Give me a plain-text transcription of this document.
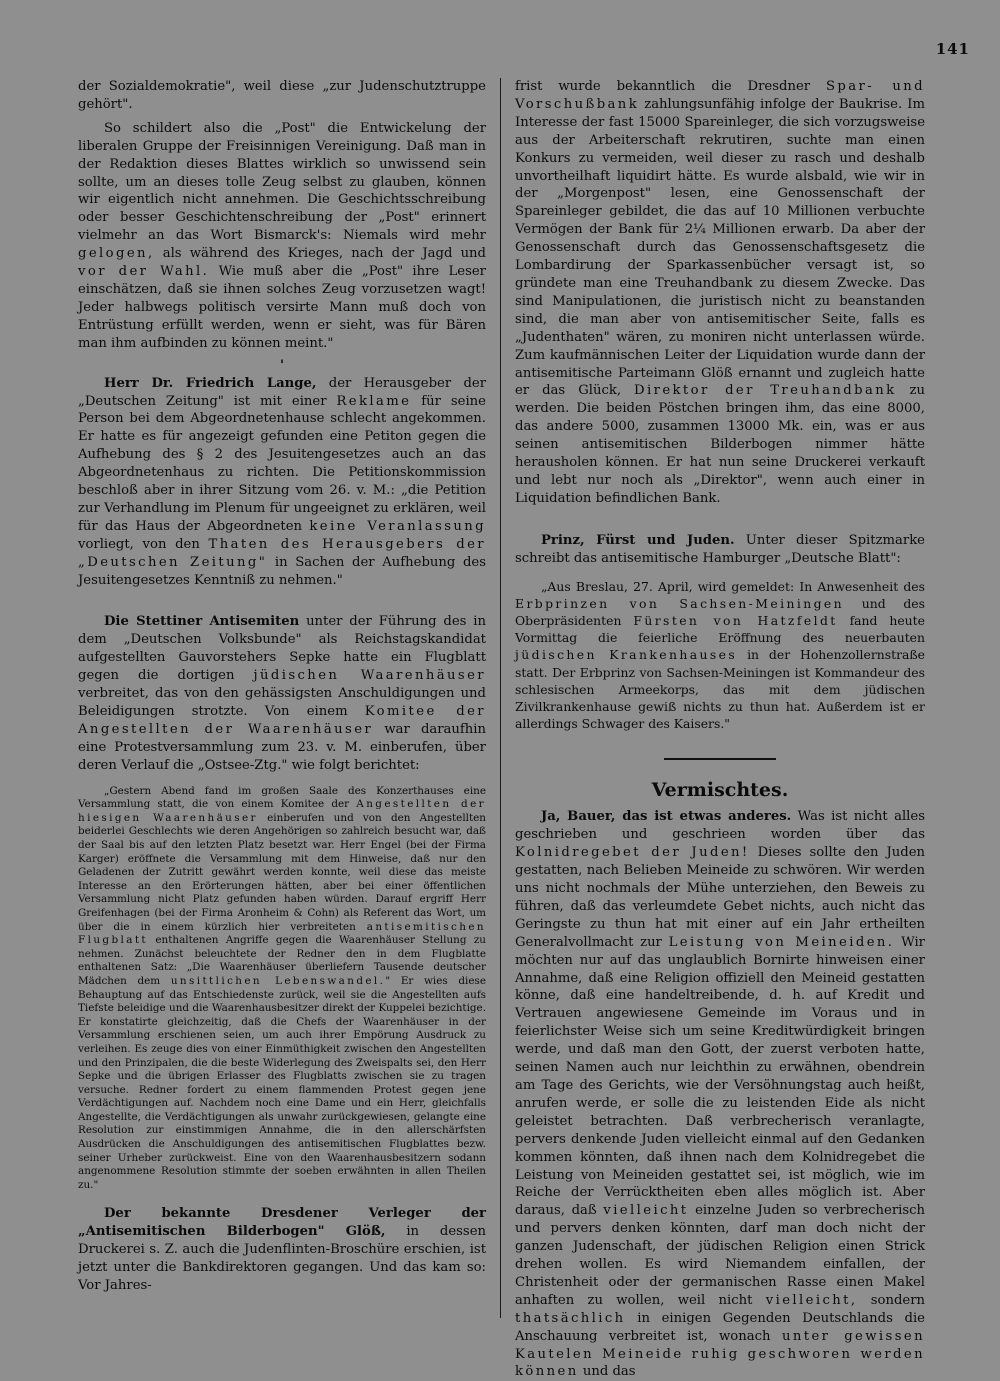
141

der Sozialdemokratie", weil diese „zur Judenschutztruppe gehört".

So schildert also die „Post" die Entwickelung der liberalen Gruppe der Freisinnigen Vereinigung. Daß man in der Redaktion dieses Blattes wirklich so unwissend sein sollte, um an dieses tolle Zeug selbst zu glauben, können wir eigentlich nicht annehmen. Die Geschichtsschreibung oder besser Geschichtenschreibung der „Post" erinnert vielmehr an das Wort Bismarck's: Niemals wird mehr gelogen, als während des Krieges, nach der Jagd und vor der Wahl. Wie muß aber die „Post" ihre Leser einschätzen, daß sie ihnen solches Zeug vorzusetzen wagt! Jeder halbwegs politisch versirte Mann muß doch von Entrüstung erfüllt werden, wenn er sieht, was für Bären man ihm aufbinden zu können meint."

'

Herr Dr. Friedrich Lange, der Herausgeber der „Deutschen Zeitung" ist mit einer Reklame für seine Person bei dem Abgeordnetenhause schlecht angekommen. Er hatte es für angezeigt gefunden eine Petiton gegen die Aufhebung des § 2 des Jesuitengesetzes auch an das Abgeordnetenhaus zu richten. Die Petitionskommission beschloß aber in ihrer Sitzung vom 26. v. M.: „die Petition zur Verhandlung im Plenum für ungeeignet zu erklären, weil für das Haus der Abgeordneten keine Veranlassung vorliegt, von den Thaten des Herausgebers der „Deutschen Zeitung" in Sachen der Aufhebung des Jesuitengesetzes Kenntniß zu nehmen."

Die Stettiner Antisemiten unter der Führung des in dem „Deutschen Volksbunde" als Reichstagskandidat aufgestellten Gauvorstehers Sepke hatte ein Flugblatt gegen die dortigen jüdischen Waarenhäuser verbreitet, das von den gehässigsten Anschuldigungen und Beleidigungen strotzte. Von einem Komitee der Angestellten der Waarenhäuser war daraufhin eine Protestversammlung zum 23. v. M. einberufen, über deren Verlauf die „Ostsee-Ztg." wie folgt berichtet:

„Gestern Abend fand im großen Saale des Konzerthauses eine Versammlung statt, die von einem Komitee der Angestellten der hiesigen Waarenhäuser einberufen und von den Angestellten beiderlei Geschlechts wie deren Angehörigen so zahlreich besucht war, daß der Saal bis auf den letzten Platz besetzt war. Herr Engel (bei der Firma Karger) eröffnete die Versammlung mit dem Hinweise, daß nur den Geladenen der Zutritt gewährt werden konnte, weil diese das meiste Interesse an den Erörterungen hätten, aber bei einer öffentlichen Versammlung nicht Platz gefunden haben würden. Darauf ergriff Herr Greifenhagen (bei der Firma Aronheim & Cohn) als Referent das Wort, um über die in einem kürzlich hier verbreiteten antisemitischen Flugblatt enthaltenen Angriffe gegen die Waarenhäuser Stellung zu nehmen. Zunächst beleuchtete der Redner den in dem Flugblatte enthaltenen Satz: „Die Waarenhäuser überliefern Tausende deutscher Mädchen dem unsittlichen Lebenswandel." Er wies diese Behauptung auf das Entschiedenste zurück, weil sie die Angestellten aufs Tiefste beleidige und die Waarenhausbesitzer direkt der Kuppelei bezichtige. Er konstatirte gleichzeitig, daß die Chefs der Waarenhäuser in der Versammlung erschienen seien, um auch ihrer Empörung Ausdruck zu verleihen. Es zeuge dies von einer Einmüthigkeit zwischen den Angestellten und den Prinzipalen, die die beste Widerlegung des Zweispalts sei, den Herr Sepke und die übrigen Erlasser des Flugblatts zwischen sie zu tragen versuche. Redner fordert zu einem flammenden Protest gegen jene Verdächtigungen auf. Nachdem noch eine Dame und ein Herr, gleichfalls Angestellte, die Verdächtigungen als unwahr zurückgewiesen, gelangte eine Resolution zur einstimmigen Annahme, die in den allerschärfsten Ausdrücken die Anschuldigungen des antisemitischen Flugblattes bezw. seiner Urheber zurückweist. Eine von den Waarenhausbesitzern sodann angenommene Resolution stimmte der soeben erwähnten in allen Theilen zu."

Der bekannte Dresdener Verleger der „Antisemitischen Bilderbogen" Glöß, in dessen Druckerei s. Z. auch die Judenflinten-Broschüre erschien, ist jetzt unter die Bankdirektoren gegangen. Und das kam so: Vor Jahres-

frist wurde bekanntlich die Dresdner Spar- und Vorschußbank zahlungsunfähig infolge der Baukrise. Im Interesse der fast 15000 Spareinleger, die sich vorzugsweise aus der Arbeiterschaft rekrutiren, suchte man einen Konkurs zu vermeiden, weil dieser zu rasch und deshalb unvortheilhaft liquidirt hätte. Es wurde alsbald, wie wir in der „Morgenpost" lesen, eine Genossenschaft der Spareinleger gebildet, die das auf 10 Millionen verbuchte Vermögen der Bank für 2¼ Millionen erwarb. Da aber der Genossenschaft durch das Genossenschaftsgesetz die Lombardirung der Sparkassenbücher versagt ist, so gründete man eine Treuhandbank zu diesem Zwecke. Das sind Manipulationen, die juristisch nicht zu beanstanden sind, die man aber von antisemitischer Seite, falls es „Judenthaten" wären, zu moniren nicht unterlassen würde. Zum kaufmännischen Leiter der Liquidation wurde dann der antisemitische Parteimann Glöß ernannt und zugleich hatte er das Glück, Direktor der Treuhandbank zu werden. Die beiden Pöstchen bringen ihm, das eine 8000, das andere 5000, zusammen 13000 Mk. ein, was er aus seinen antisemitischen Bilderbogen nimmer hätte herausholen können. Er hat nun seine Druckerei verkauft und lebt nur noch als „Direktor", wenn auch einer in Liquidation befindlichen Bank.

Prinz, Fürst und Juden. Unter dieser Spitzmarke schreibt das antisemitische Hamburger „Deutsche Blatt":

„Aus Breslau, 27. April, wird gemeldet: In Anwesenheit des Erbprinzen von Sachsen-Meiningen und des Oberpräsidenten Fürsten von Hatzfeldt fand heute Vormittag die feierliche Eröffnung des neuerbauten jüdischen Krankenhauses in der Hohenzollernstraße statt. Der Erbprinz von Sachsen-Meiningen ist Kommandeur des schlesischen Armeekorps, das mit dem jüdischen Zivilkrankenhause gewiß nichts zu thun hat. Außerdem ist er allerdings Schwager des Kaisers."

Vermischtes.

Ja, Bauer, das ist etwas anderes. Was ist nicht alles geschrieben und geschrieen worden über das Kolnidregebet der Juden! Dieses sollte den Juden gestatten, nach Belieben Meineide zu schwören. Wir werden uns nicht nochmals der Mühe unterziehen, den Beweis zu führen, daß das verleumdete Gebet nichts, auch nicht das Geringste zu thun hat mit einer auf ein Jahr ertheilten Generalvollmacht zur Leistung von Meineiden. Wir möchten nur auf das unglaublich Bornirte hinweisen einer Annahme, daß eine Religion offiziell den Meineid gestatten könne, daß eine handeltreibende, d. h. auf Kredit und Vertrauen angewiesene Gemeinde im Voraus und in feierlichster Weise sich um seine Kreditwürdigkeit bringen werde, und daß man den Gott, der zuerst verboten hatte, seinen Namen auch nur leichthin zu erwähnen, obendrein am Tage des Gerichts, wie der Versöhnungstag auch heißt, anrufen werde, er solle die zu leistenden Eide als nicht geleistet betrachten. Daß verbrecherisch veranlagte, pervers denkende Juden vielleicht einmal auf den Gedanken kommen könnten, daß ihnen nach dem Kolnidregebet die Leistung von Meineiden gestattet sei, ist möglich, wie im Reiche der Verrücktheiten eben alles möglich ist. Aber daraus, daß vielleicht einzelne Juden so verbrecherisch und pervers denken könnten, darf man doch nicht der ganzen Judenschaft, der jüdischen Religion einen Strick drehen wollen. Es wird Niemandem einfallen, der Christenheit oder der germanischen Rasse einen Makel anhaften zu wollen, weil nicht vielleicht, sondern thatsächlich in einigen Gegenden Deutschlands die Anschauung verbreitet ist, wonach unter gewissen Kautelen Meineide ruhig geschworen werden können und das
